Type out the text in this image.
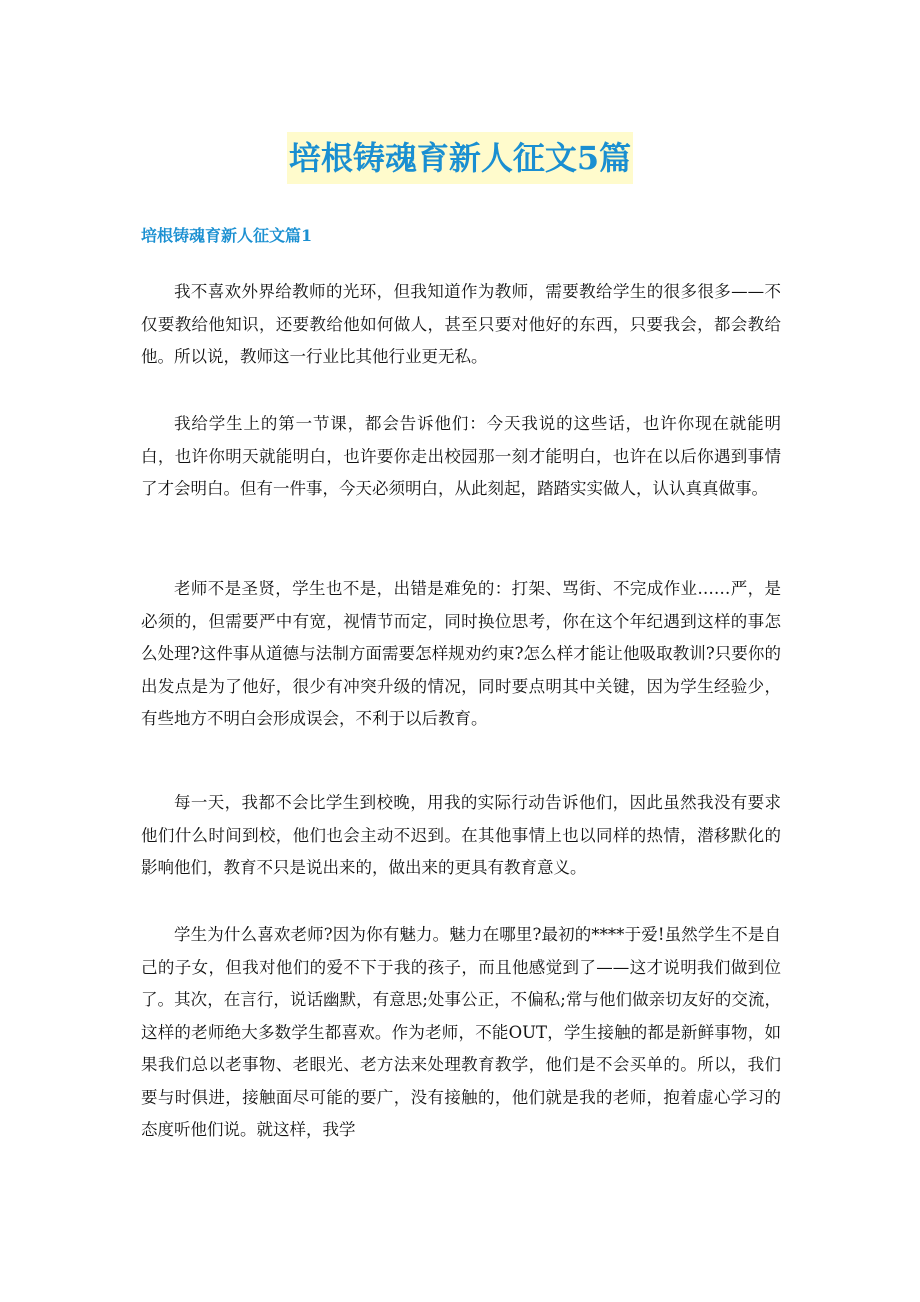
培根铸魂育新人征文5篇
培根铸魂育新人征文篇1

我不喜欢外界给教师的光环，但我知道作为教师，需要教给学生的很多很多——不仅要教给他知识，还要教给他如何做人，甚至只要对他好的东西，只要我会，都会教给他。所以说，教师这一行业比其他行业更无私。

我给学生上的第一节课，都会告诉他们：今天我说的这些话，也许你现在就能明白，也许你明天就能明白，也许要你走出校园那一刻才能明白，也许在以后你遇到事情了才会明白。但有一件事，今天必须明白，从此刻起，踏踏实实做人，认认真真做事。

老师不是圣贤，学生也不是，出错是难免的：打架、骂街、不完成作业……严，是必须的，但需要严中有宽，视情节而定，同时换位思考，你在这个年纪遇到这样的事怎么处理?这件事从道德与法制方面需要怎样规劝约束?怎么样才能让他吸取教训?只要你的出发点是为了他好，很少有冲突升级的情况，同时要点明其中关键，因为学生经验少，有些地方不明白会形成误会，不利于以后教育。

每一天，我都不会比学生到校晚，用我的实际行动告诉他们，因此虽然我没有要求他们什么时间到校，他们也会主动不迟到。在其他事情上也以同样的热情，潜移默化的影响他们，教育不只是说出来的，做出来的更具有教育意义。

学生为什么喜欢老师?因为你有魅力。魅力在哪里?最初的****于爱!虽然学生不是自己的子女，但我对他们的爱不下于我的孩子，而且他感觉到了——这才说明我们做到位了。其次，在言行，说话幽默，有意思;处事公正，不偏私;常与他们做亲切友好的交流，这样的老师绝大多数学生都喜欢。作为老师，不能OUT，学生接触的都是新鲜事物，如果我们总以老事物、老眼光、老方法来处理教育教学，他们是不会买单的。所以，我们要与时俱进，接触面尽可能的要广，没有接触的，他们就是我的老师，抱着虚心学习的态度听他们说。就这样，我学
